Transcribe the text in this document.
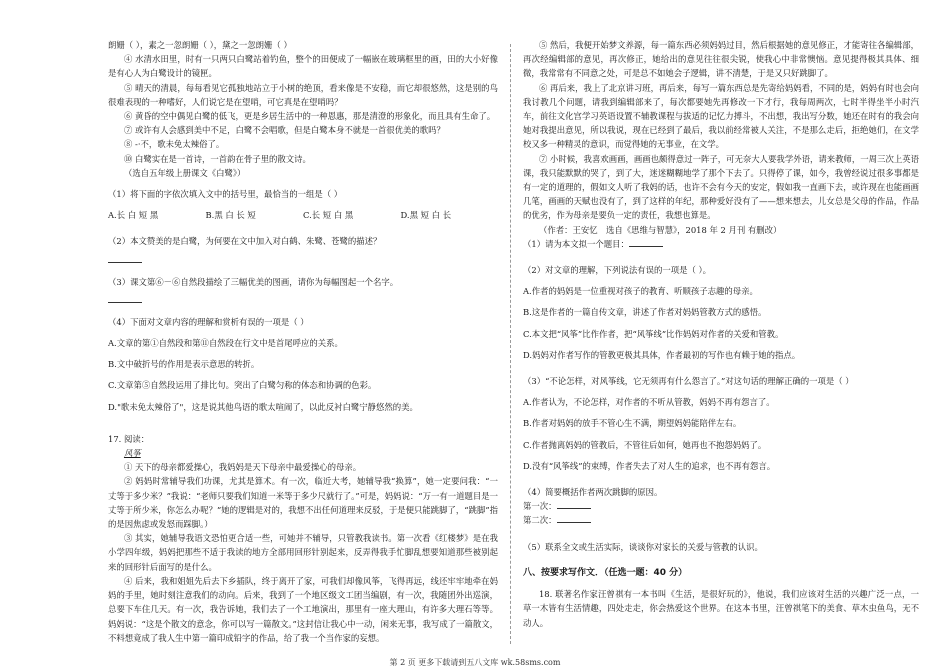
朗姗（ ），素之一忽朗姗（ ），黛之一忽朗姗（ ）

④ 水清水田里，时有一只两只白鹭站着钓鱼，整个的田便成了一幅嵌在玻璃框里的画，田的大小好像是有心人为白鹭设计的镜匣。

⑤ 晴天的清晨，每每看见它孤独地站立于小树的绝顶，看来像是不安稳，而它却很悠然，这是别的鸟很难表现的一种嗜好，人们说它是在望哨，可它真是在望哨吗？

⑥ 黄昏的空中偶见白鹭的低飞，更是乡居生活中的一种恩惠，那是清澄的形象化，而且具有生命了。

⑦ 或许有人会感到美中不足，白鹭不会唱歌，但是白鹭本身不就是一首很优美的歌吗？

⑧ -·不，歌未免太辣俗了。

⑩ 白鹭实在是一首诗，一首韵在骨子里的散文诗。

（选自五年级上册课文《白鹭》）

（1）将下面的字依次填入文中的括号里，最恰当的一组是（ ）

A.长 白 短 黑	B.黑 白 长 短	C.长 短 白 黑	D.黑 短 白 长

（2）本文赞美的是白鹭，为何要在文中加入对白鹤、朱鹭、苍鹭的描述？

（3）课文第⑥－⑥自然段描绘了三幅优美的图画，请你为每幅图起一个名字。

（4）下面对文章内容的理解和赏析有误的一项是（ ）

A.文章的第①自然段和第⑪自然段在行文中是首尾呼应的关系。

B.文中破折号的作用是表示意思的转折。

C.文章第⑤自然段运用了排比句。突出了白鹭匀称的体态和协调的色彩。

D."歌未免太辣俗了"，这是说其他鸟语的歌太喧闹了，以此反衬白鹭宁静悠然的美。

17. 阅读：

风筝

① 天下的母亲都爱操心，我妈妈是天下母亲中最爱操心的母亲。

② 妈妈时常辅导我们功课，尤其是算术。有一次，临近大考，她辅导我“换算”，她一定要问我：“一丈等于多少米？”我说：“老师只要我们知道一米等于多少尺就行了。”可是，妈妈说：“万一有一道题目是一丈等于所少米，你怎么办呢？”她的逻辑是对的，我想不出任何道理来反驳，于是便只能跳脚了，“跳脚”指的是因焦虑或发怒而踩脚。）

③ 其实，她辅导我语文恐怕更合适一些，可她并不辅导，只管教我读书。第一次看《红楼梦》是在我小学四年级，妈妈把那些不适于我读的地方全部用回形针别起来，反弄得我手忙脚乱想要知道那些被别起来的回形针后面写的是什么。

④ 后来，我和姐姐先后去下乡插队，终于离开了家，可我们却像风筝，飞得再远，线还牢牢地牵在妈妈的手里，她时刻注意我们的动向。后来，我到了一个地区级文工团当编剧，有一次，我随团外出巡演，总要下车住几天。有一次，我告诉她，我们去了一个工地演出，那里有一座大理山，有许多大理石等等。妈妈说：“这是个散文的意念，你可以写一篇散文。”这封信让我心中一动，闲来无事，我写成了一篇散文，不料想竟成了我人生中第一篇印成铅字的作品，给了我一个当作家的妄想。

⑤ 然后，我便开始梦文养源，每一篇东西必须妈妈过目，然后根据她的意见修正，才能寄往各编辑部，再次经编辑部的意见，再次修正，她给出的意见往往很尖锐，使我心中非常懊恼。意见提得极其具体、细微，我常常有不同意之处，可是总不如她会子逻辑，讲不清楚，于是又只好跳脚了。

⑥ 再后来，我上了北京讲习班，再后来，每写一篇东西总是先寄给妈妈看，不同的是，妈妈有时也会向我讨教几个问题，请我到编辑部来了，每次都要她先再修改一下才行，我每周两次，七时半得坐半小时汽车，前往文化宫学习英语设置不辅教课程与拔适的记忆力搏斗，不出想，我出写分数，她还在时有的我会向她对我提出意见，所以我说，现在已经到了最后，我以前经常被人关注，不是那么走后，拒绝她们，在文学校又多一种精灵的意识，而觉得她的无事业，在文学。

⑦ 小时候，我喜欢画画，画画也颇得意过一阵子，可无奈大人要我学外语，请来教师，一周三次上英语课，我只能默默的哭了，到了大，迷迷糊糊地学了那个下去了。只得停了课，如今，我曾经说过很多事都是有一定的道理的，假如文人听了我妈的话，也许不会有今天的安定，假如我一直画下去，或许现在也能画画几笔，画画的天赋也没有了，到了这样的年纪，那种爱好没有了——想来想去，儿女总是父母的作品，作品的优劣，作为母亲是要负一定的责任，我想也算是。

（作者：王安忆　选自《思维与智慧》，2018 年 2 月刊 有删改）

（1）请为本文拟一个题目：

（2）对文章的理解，下列说法有误的一项是（ ）。

A.作者的妈妈是一位重视对孩子的教育、听顺孩子志趣的母亲。

B.这是作者的一篇自传文章，讲述了作者对妈妈管教方式的感悟。

C.本文把“风筝”比作作者，把“风筝线”比作妈妈对作者的关爱和管教。

D.妈妈对作者写作的管教更极其具体，作者最初的写作也有赖于她的指点。

（3）“不论怎样，对风筝线，它无须再有什么怨言了。”对这句话的理解正确的一项是（ ）

A.作者认为，不论怎样，对作者的不听从管教，妈妈不再有怨言了。

B.作者对妈妈的放手不管心生不满，期望妈妈能陪伴左右。

C.作者抛离妈妈的管教后，不管往后如何，她再也不抱怨妈妈了。

D.没有“风筝线”的束缚，作者失去了对人生的追求，也不再有怨言。

（4）简要概括作者两次跳脚的原因。

第一次：

第二次：

（5）联系全文或生活实际，谈谈你对家长的关爱与管教的认识。

八、按要求写作文．（任选一题：40 分）

18. 联著名作家汪曾祺有一本书叫《生活，是很好玩的》，他说，我们应该对生活的兴趣广泛一点，一草一木皆有生活情趣，四处走走，你会热爱这个世界。在这本书里，汪曾祺笔下的美食、草木虫鱼鸟，无不动人。

第 2 页 更多下载请到五八文库 wk.58sms.com
